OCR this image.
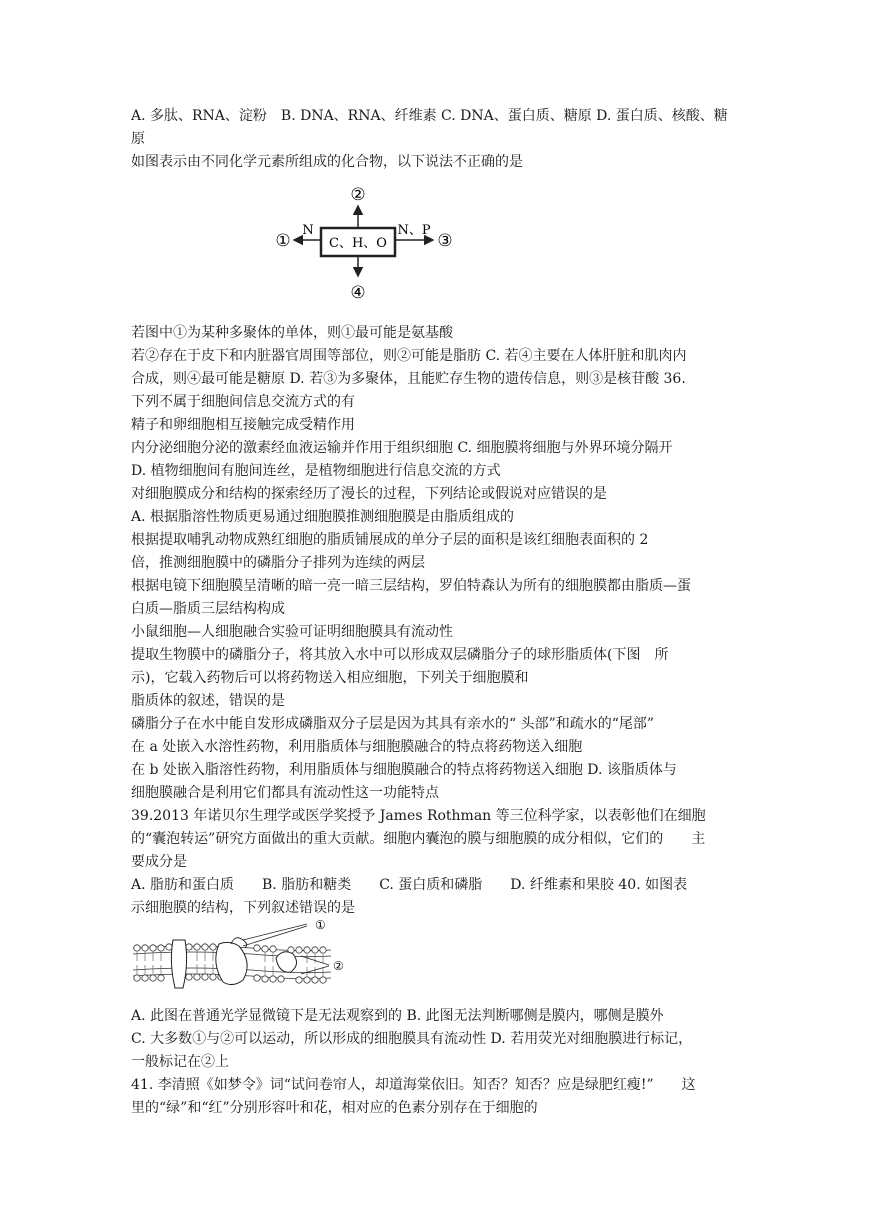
A. 多肽、RNA、淀粉　B. DNA、RNA、纤维素 C. DNA、蛋白质、糖原 D. 蛋白质、核酸、糖
原
如图表示由不同化学元素所组成的化合物，以下说法不正确的是
C、H、O
N	N、P
①
②
③
④
若图中①为某种多聚体的单体，则①最可能是氨基酸
若②存在于皮下和内脏器官周围等部位，则②可能是脂肪 C. 若④主要在人体肝脏和肌肉内
合成，则④最可能是糖原 D. 若③为多聚体，且能贮存生物的遗传信息，则③是核苷酸 36.
下列不属于细胞间信息交流方式的有
精子和卵细胞相互接触完成受精作用
内分泌细胞分泌的激素经血液运输并作用于组织细胞 C. 细胞膜将细胞与外界环境分隔开
D. 植物细胞间有胞间连丝，是植物细胞进行信息交流的方式
对细胞膜成分和结构的探索经历了漫长的过程，下列结论或假说对应错误的是
A. 根据脂溶性物质更易通过细胞膜推测细胞膜是由脂质组成的
根据提取哺乳动物成熟红细胞的脂质铺展成的单分子层的面积是该红细胞表面积的 2
倍，推测细胞膜中的磷脂分子排列为连续的两层
根据电镜下细胞膜呈清晰的暗一亮一暗三层结构，罗伯特森认为所有的细胞膜都由脂质—蛋
白质—脂质三层结构构成
小鼠细胞—人细胞融合实验可证明细胞膜具有流动性
提取生物膜中的磷脂分子，将其放入水中可以形成双层磷脂分子的球形脂质体(下图　所
示)，它载入药物后可以将药物送入相应细胞，下列关于细胞膜和
脂质体的叙述，错误的是
磷脂分子在水中能自发形成磷脂双分子层是因为其具有亲水的“ 头部”和疏水的“尾部”
在 a 处嵌入水溶性药物，利用脂质体与细胞膜融合的特点将药物送入细胞
在 b 处嵌入脂溶性药物，利用脂质体与细胞膜融合的特点将药物送入细胞 D. 该脂质体与
细胞膜融合是利用它们都具有流动性这一功能特点
39.2013 年诺贝尔生理学或医学奖授予 James Rothman 等三位科学家，以表彰他们在细胞
的“囊泡转运”研究方面做出的重大贡献。细胞内囊泡的膜与细胞膜的成分相似，它们的　　主
要成分是
A. 脂肪和蛋白质　　B. 脂肪和糖类　　C. 蛋白质和磷脂　　D. 纤维素和果胶 40. 如图表
示细胞膜的结构，下列叙述错误的是
①
②
A. 此图在普通光学显微镜下是无法观察到的 B. 此图无法判断哪侧是膜内，哪侧是膜外
C. 大多数①与②可以运动，所以形成的细胞膜具有流动性 D. 若用荧光对细胞膜进行标记，
一般标记在②上
41. 李清照《如梦令》词“试问卷帘人，却道海棠依旧。知否？知否？应是绿肥红瘦!”　　这
里的“绿”和“红”分别形容叶和花，相对应的色素分别存在于细胞的
